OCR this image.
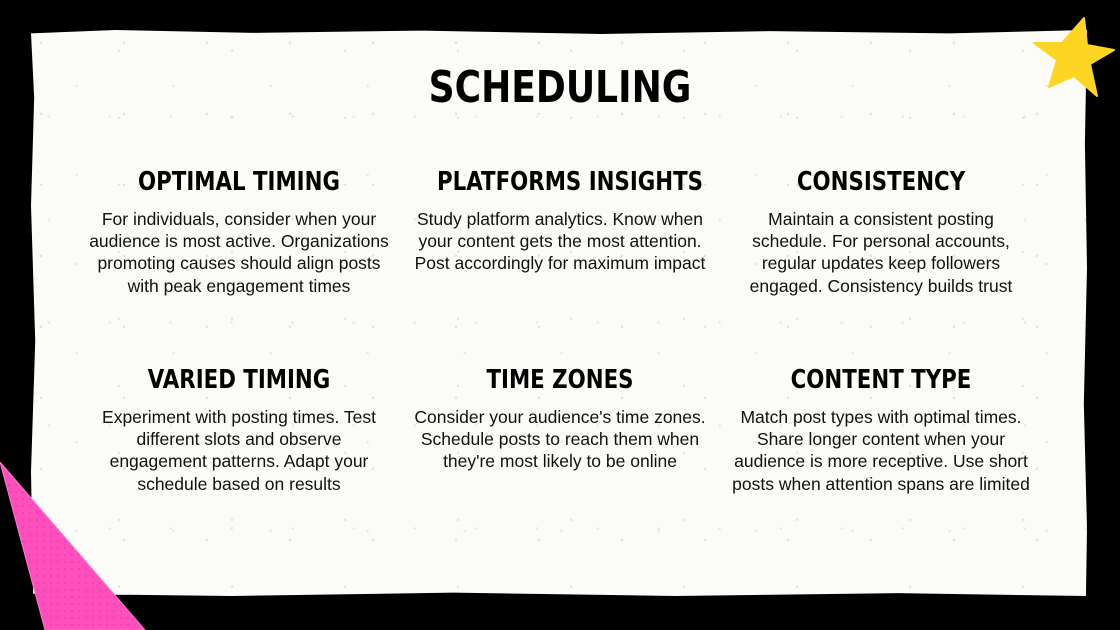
SCHEDULING
OPTIMAL TIMING

For individuals, consider when your audience is most active. Organizations promoting causes should align posts with peak engagement times

PLATFORMS INSIGHTS

Study platform analytics. Know when your content gets the most attention. Post accordingly for maximum impact

CONSISTENCY

Maintain a consistent posting schedule. For personal accounts, regular updates keep followers engaged. Consistency builds trust

VARIED TIMING

Experiment with posting times. Test different slots and observe engagement patterns. Adapt your schedule based on results

TIME ZONES

Consider your audience's time zones. Schedule posts to reach them when they're most likely to be online

CONTENT TYPE

Match post types with optimal times. Share longer content when your audience is more receptive. Use short posts when attention spans are limited
